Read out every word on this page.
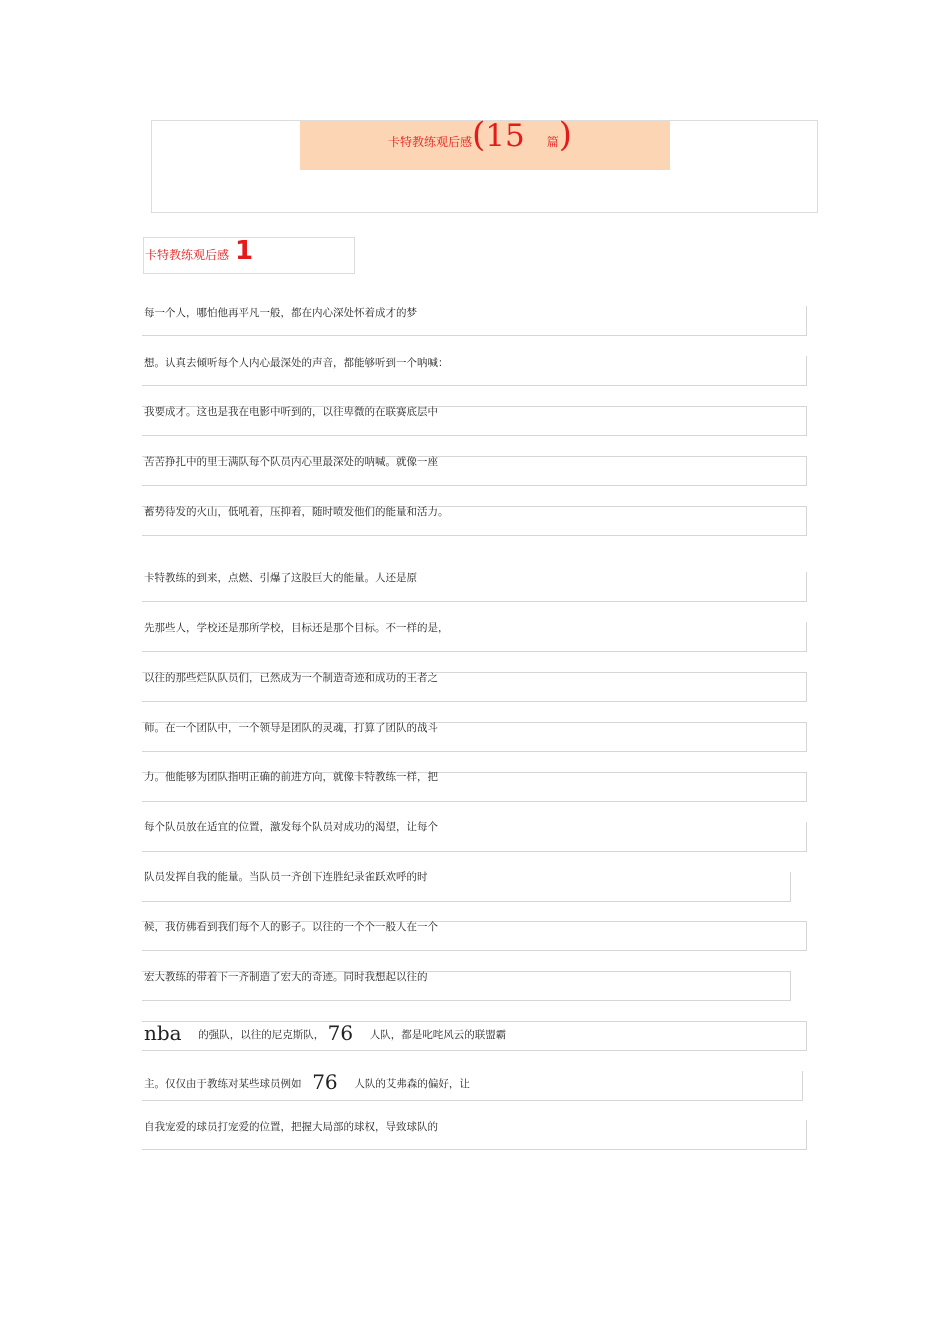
卡特教练观后感(15 篇)
卡特教练观后感 1
每一个人，哪怕他再平凡一般，都在内心深处怀着成才的梦
想。认真去倾听每个人内心最深处的声音，都能够听到一个呐喊：
我要成才。这也是我在电影中听到的，以往卑微的在联赛底层中
苦苦挣扎中的里士满队每个队员内心里最深处的呐喊。就像一座
蓄势待发的火山，低吼着，压抑着，随时喷发他们的能量和活力。
卡特教练的到来，点燃、引爆了这股巨大的能量。人还是原
先那些人，学校还是那所学校，目标还是那个目标。不一样的是，
以往的那些烂队队员们，已然成为一个制造奇迹和成功的王者之
师。在一个团队中，一个领导是团队的灵魂，打算了团队的战斗
力。他能够为团队指明正确的前进方向，就像卡特教练一样，把
每个队员放在适宜的位置，激发每个队员对成功的渴望，让每个
队员发挥自我的能量。当队员一齐创下连胜纪录雀跃欢呼的时
候，我仿佛看到我们每个人的影子。以往的一个个一般人在一个
宏大教练的带着下一齐制造了宏大的奇迹。同时我想起以往的
nba 的强队，以往的尼克斯队， 76 人队，都是叱咤风云的联盟霸
主。仅仅由于教练对某些球员例如 76 人队的艾弗森的偏好，让
自我宠爱的球员打宠爱的位置，把握大局部的球权，导致球队的
